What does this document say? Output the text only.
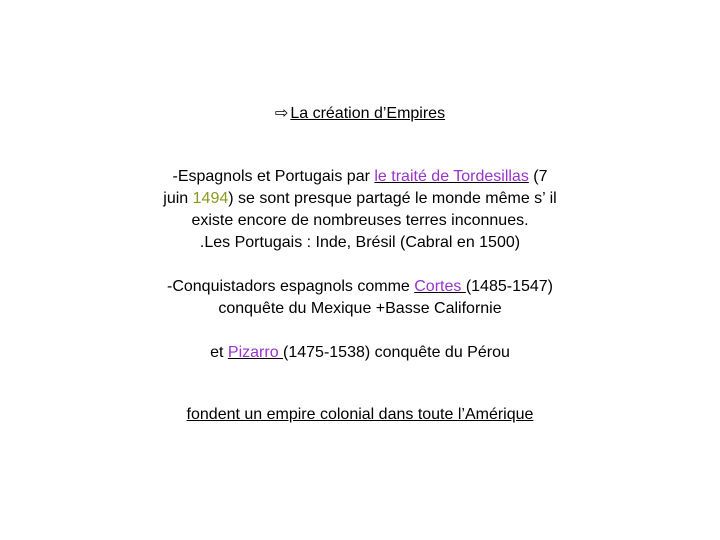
⇨ La création d’Empires
-Espagnols et Portugais par le traité de Tordesillas (7
juin 1494) se sont presque partagé le monde même s’ il
existe encore de nombreuses terres inconnues.
.Les Portugais : Inde, Brésil (Cabral en 1500)
-Conquistadors espagnols comme Cortes (1485-1547)
conquête du Mexique +Basse Californie
et Pizarro (1475-1538) conquête du Pérou
fondent un empire colonial dans toute l’Amérique
